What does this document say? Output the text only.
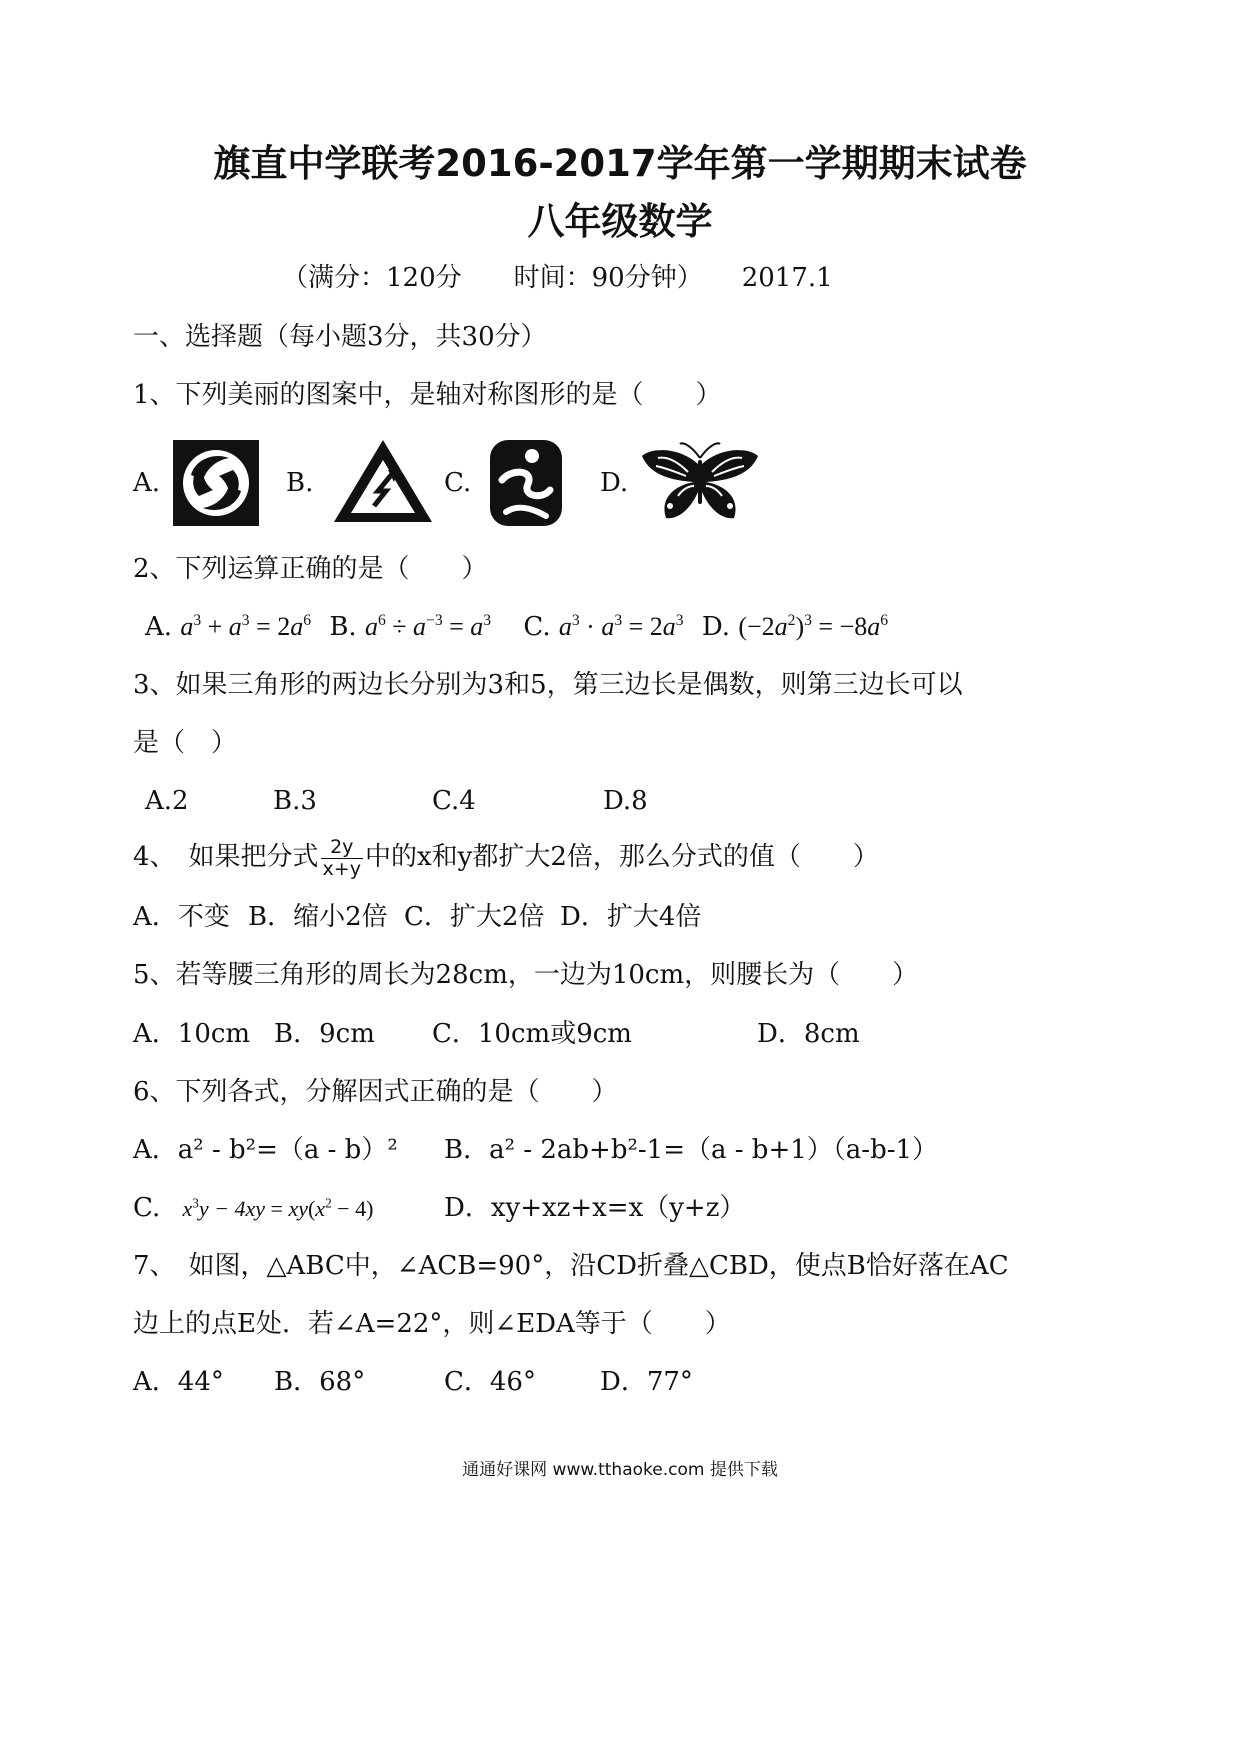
旗直中学联考2016-2017学年第一学期期末试卷
八年级数学
（满分：120分　　时间：90分钟）　　2017.1
一、选择题（每小题3分，共30分）
1、下列美丽的图案中，是轴对称图形的是（　　）
A.	B.	C.	D.
2、下列运算正确的是（　　）
A. $a^3 + a^3 = 2a^6$ B. $a^6 \div a^{-3} = a^3$ C. $a^3 \cdot a^3 = 2a^3$ D. $(-2a^2)^3 = -8a^6$
3、如果三角形的两边长分别为3和5，第三边长是偶数，则第三边长可以
是（　）
A.2	B.3	C.4	D.8
4、　如果把分式 $\frac{2y}{x+y}$ 中的x和y都扩大2倍，那么分式的值（　　）
A．不变 B．缩小2倍 C．扩大2倍 D．扩大4倍
5、若等腰三角形的周长为28cm，一边为10cm，则腰长为（　　）
A．10cm B．9cm C．10cm或9cm	D．8cm
6、下列各式，分解因式正确的是（　　）
A．a² - b²=（a - b）² B．a² - 2ab+b²-1=（a - b+1）（a-b-1）
C. $x^3y - 4xy = xy(x^2 - 4)$	D．xy+xz+x=x（y+z）
7、　如图，△ABC中，∠ACB=90°，沿CD折叠△CBD，使点B恰好落在AC
边上的点E处．若∠A=22°，则∠EDA等于（　　）
A．44° B．68°	C．46° D．77°
通通好课网 www.tthaoke.com 提供下载
